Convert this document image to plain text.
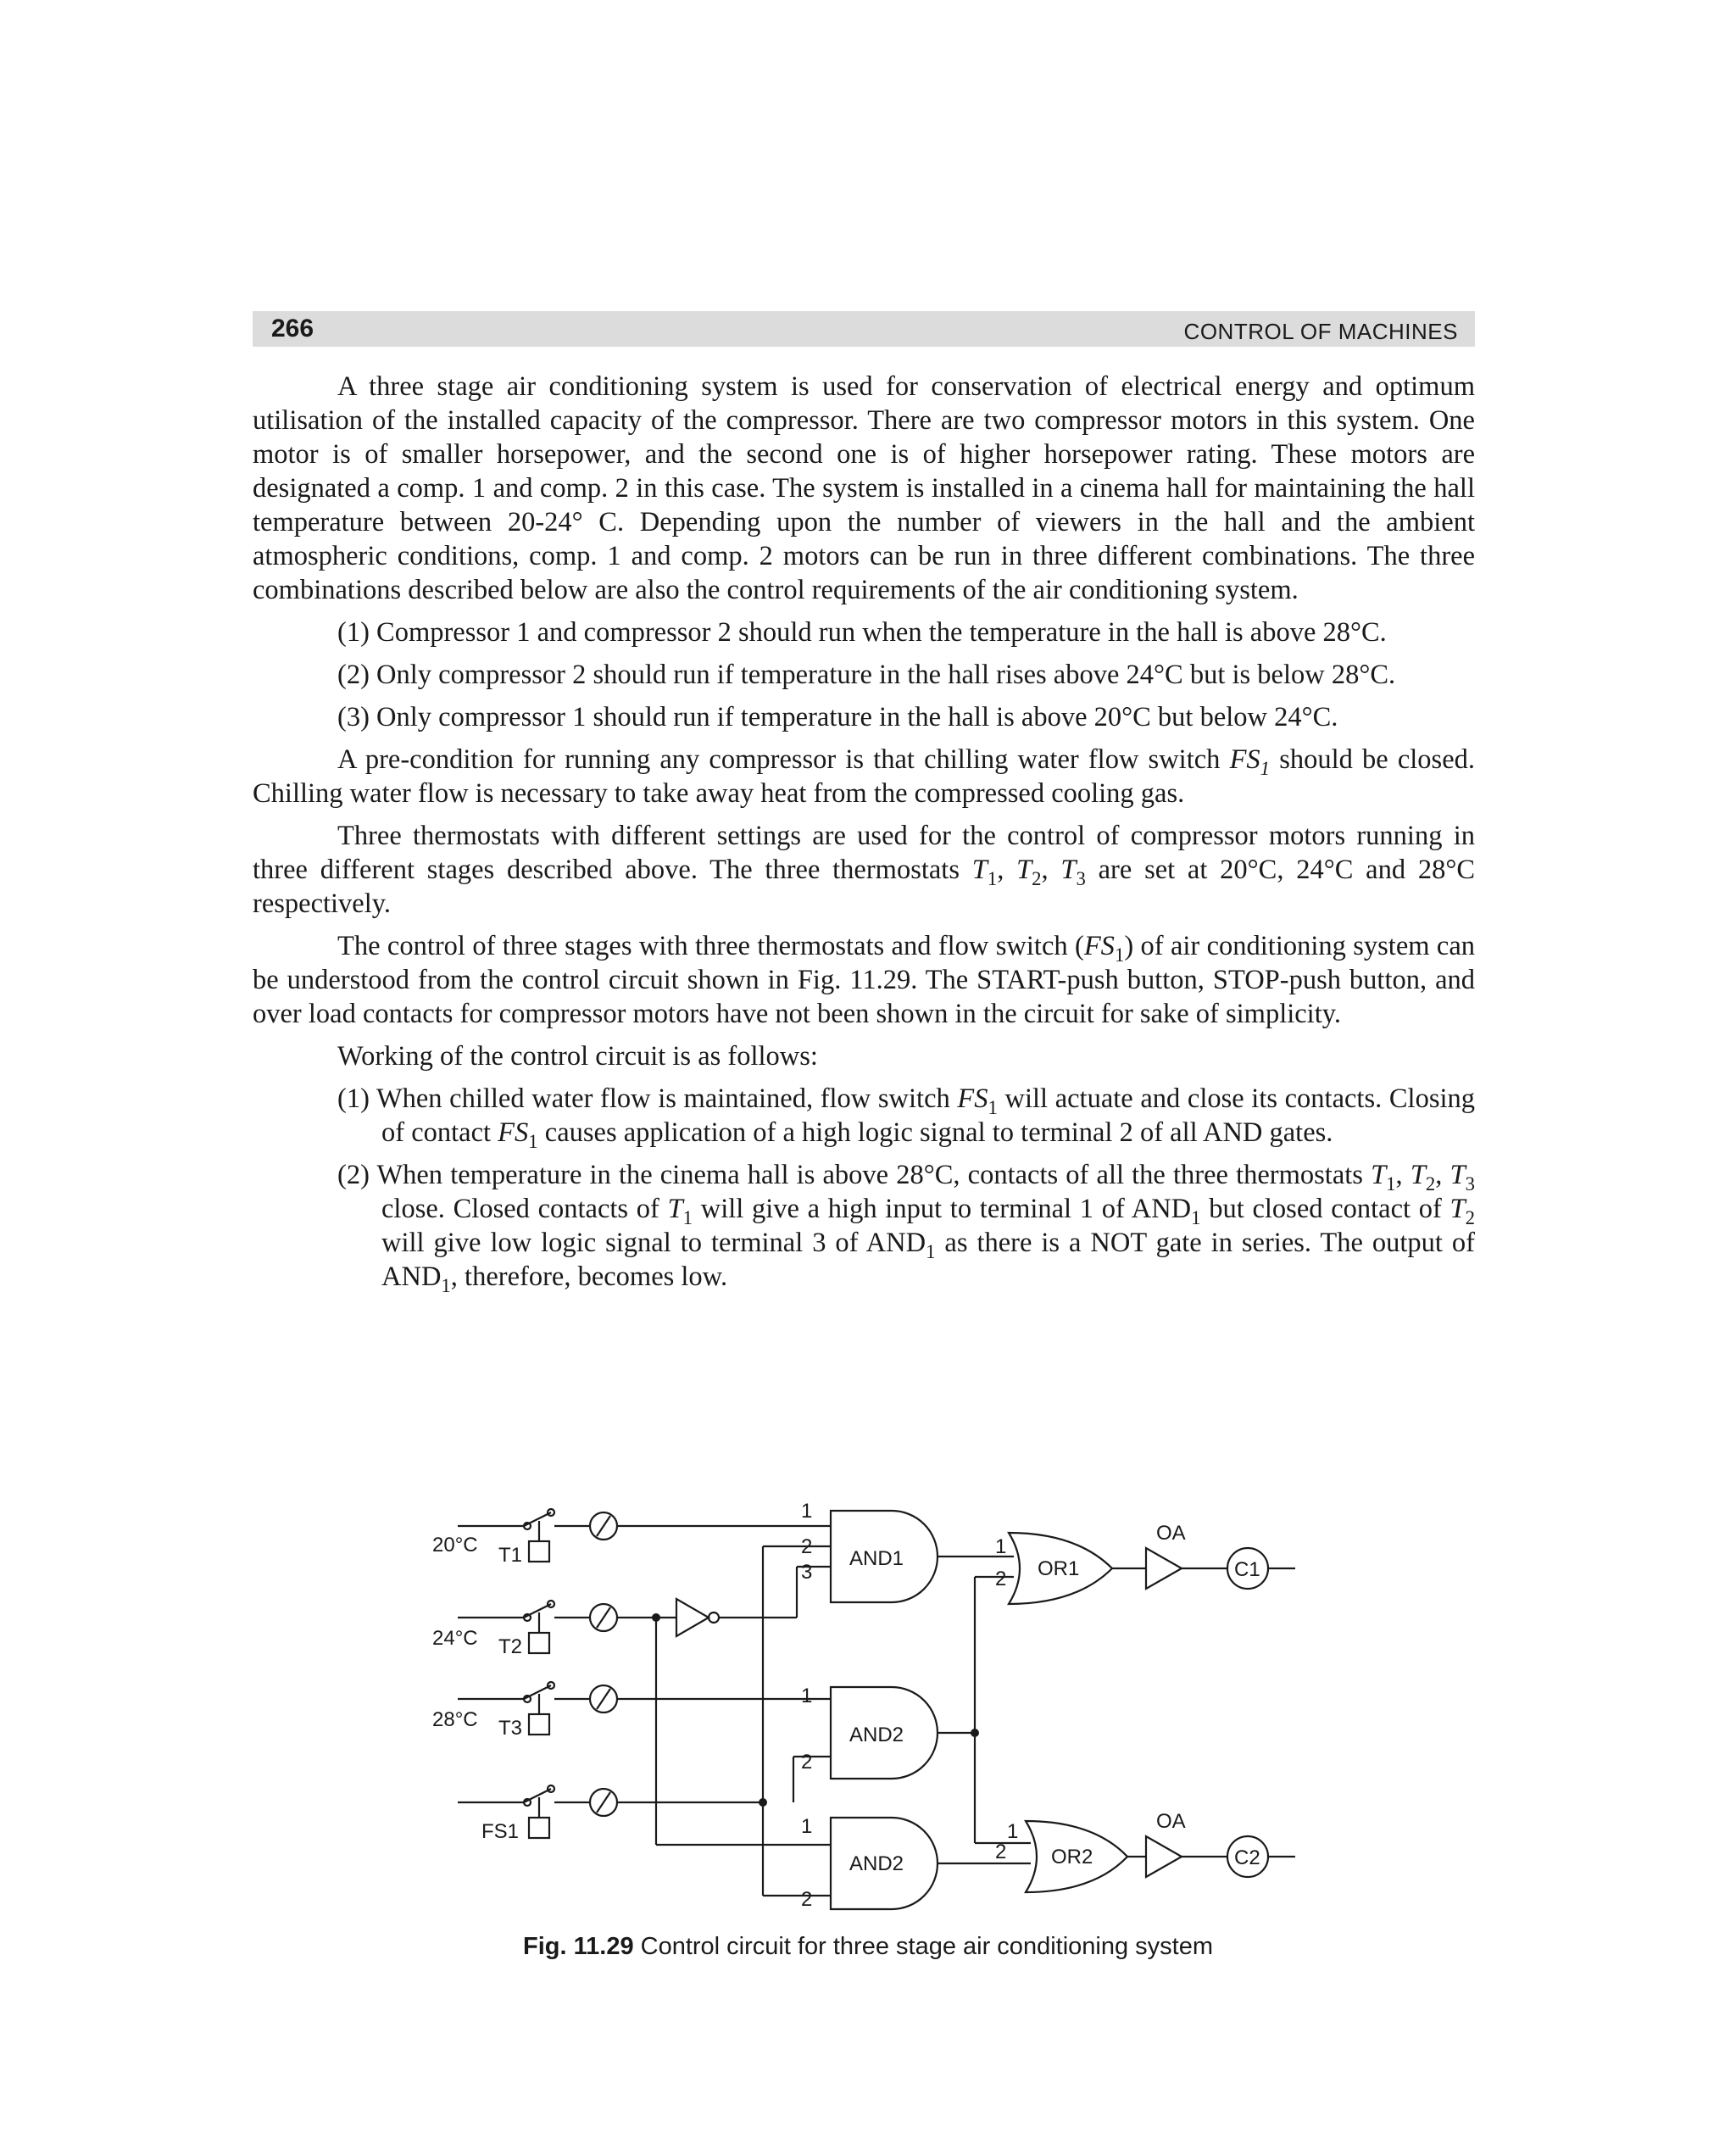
266	CONTROL OF MACHINES

A three stage air conditioning system is used for conservation of electrical energy and optimum utilisation of the installed capacity of the compressor. There are two compressor motors in this system. One motor is of smaller horsepower, and the second one is of higher horsepower rating. These motors are designated a comp. 1 and comp. 2 in this case. The system is installed in a cinema hall for maintaining the hall temperature between 20-24° C. Depending upon the number of viewers in the hall and the ambient atmospheric conditions, comp. 1 and comp. 2 motors can be run in three different combinations. The three combinations described below are also the control requirements of the air conditioning system.

(1) Compressor 1 and compressor 2 should run when the temperature in the hall is above 28°C.
(2) Only compressor 2 should run if temperature in the hall rises above 24°C but is below 28°C.
(3) Only compressor 1 should run if temperature in the hall is above 20°C but below 24°C.

A pre-condition for running any compressor is that chilling water flow switch $FS_1$ should be closed. Chilling water flow is necessary to take away heat from the compressed cooling gas.

Three thermostats with different settings are used for the control of compressor motors running in three different stages described above. The three thermostats $T_1$, $T_2$, $T_3$ are set at 20°C, 24°C and 28°C respectively.

The control of three stages with three thermostats and flow switch $(FS_1)$ of air conditioning system can be understood from the control circuit shown in Fig. 11.29. The START-push button, STOP-push button, and over load contacts for compressor motors have not been shown in the circuit for sake of simplicity.

Working of the control circuit is as follows:

(1) When chilled water flow is maintained, flow switch $FS_1$ will actuate and close its contacts. Closing of contact $FS_1$ causes application of a high logic signal to terminal 2 of all AND gates.
(2) When temperature in the cinema hall is above 28°C, contacts of all the three thermostats $T_1$, $T_2$, $T_3$ close. Closed contacts of $T_1$ will give a high input to terminal 1 of $AND_1$ but closed contact of $T_2$ will give low logic signal to terminal 3 of $AND_1$ as there is a NOT gate in series. The output of $AND_1$, therefore, becomes low.
1
2
3
1
2
1
2
1
2
1
2
20°C
24°C
28°C
T1
T2
T3
FS1
AND1
AND2
AND2
OR1
OR2
OA
OA
C1
C2
Fig. 11.29 Control circuit for three stage air conditioning system
